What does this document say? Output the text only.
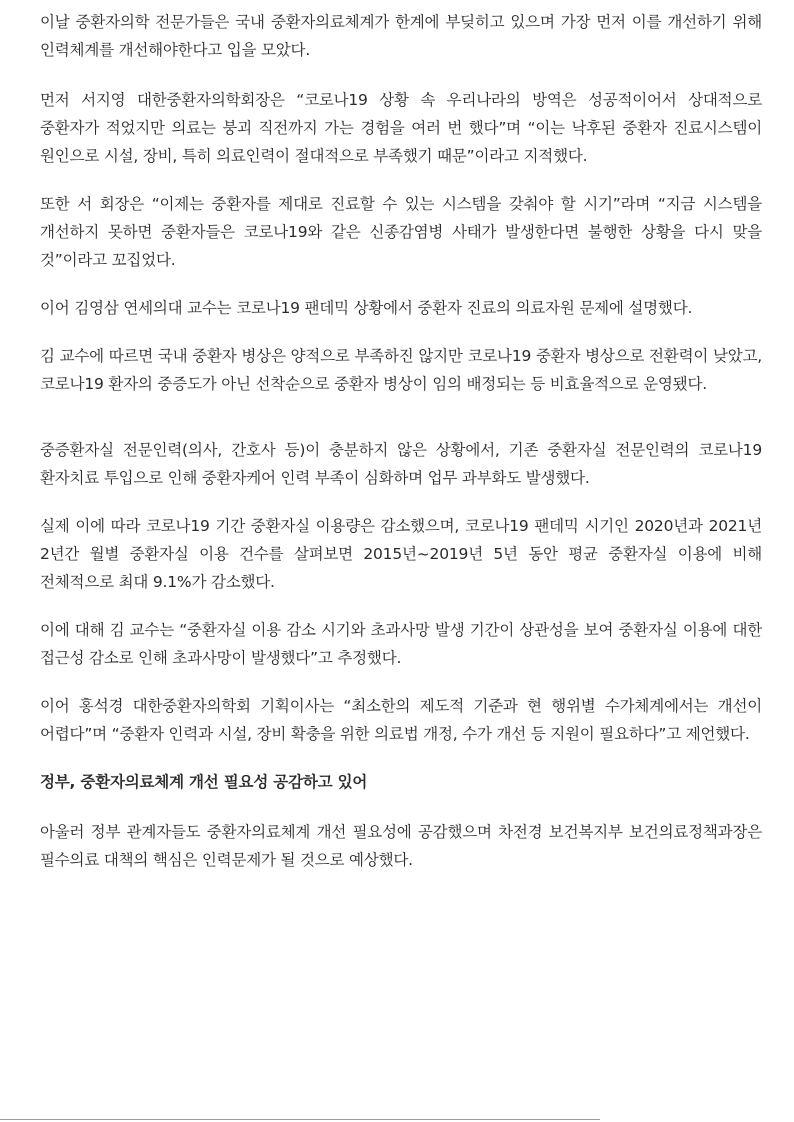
이날 중환자의학 전문가들은 국내 중환자의료체계가 한계에 부딪히고 있으며 가장 먼저 이를 개선하기 위해 인력체계를 개선해야한다고 입을 모았다.

먼저 서지영 대한중환자의학회장은 “코로나19 상황 속 우리나라의 방역은 성공적이어서 상대적으로 중환자가 적었지만 의료는 붕괴 직전까지 가는 경험을 여러 번 했다”며 “이는 낙후된 중환자 진료시스템이 원인으로 시설, 장비, 특히 의료인력이 절대적으로 부족했기 때문”이라고 지적했다.

또한 서 회장은 “이제는 중환자를 제대로 진료할 수 있는 시스템을 갖춰야 할 시기”라며 “지금 시스템을 개선하지 못하면 중환자들은 코로나19와 같은 신종감염병 사태가 발생한다면 불행한 상황을 다시 맞을 것”이라고 꼬집었다.

이어 김영삼 연세의대 교수는 코로나19 팬데믹 상황에서 중환자 진료의 의료자원 문제에 설명했다.

김 교수에 따르면 국내 중환자 병상은 양적으로 부족하진 않지만 코로나19 중환자 병상으로 전환력이 낮았고, 코로나19 환자의 중증도가 아닌 선착순으로 중환자 병상이 임의 배정되는 등 비효율적으로 운영됐다.

중증환자실 전문인력(의사, 간호사 등)이 충분하지 않은 상황에서, 기존 중환자실 전문인력의 코로나19 환자치료 투입으로 인해 중환자케어 인력 부족이 심화하며 업무 과부화도 발생했다.

실제 이에 따라 코로나19 기간 중환자실 이용량은 감소했으며, 코로나19 팬데믹 시기인 2020년과 2021년 2년간 월별 중환자실 이용 건수를 살펴보면 2015년~2019년 5년 동안 평균 중환자실 이용에 비해 전체적으로 최대 9.1%가 감소했다.

이에 대해 김 교수는 “중환자실 이용 감소 시기와 초과사망 발생 기간이 상관성을 보여 중환자실 이용에 대한 접근성 감소로 인해 초과사망이 발생했다”고 추정했다.

이어 홍석경 대한중환자의학회 기획이사는 “최소한의 제도적 기준과 현 행위별 수가체계에서는 개선이 어렵다”며 “중환자 인력과 시설, 장비 확충을 위한 의료법 개정, 수가 개선 등 지원이 필요하다”고 제언했다.

정부, 중환자의료체계 개선 필요성 공감하고 있어

아울러 정부 관계자들도 중환자의료체계 개선 필요성에 공감했으며 차전경 보건복지부 보건의료정책과장은 필수의료 대책의 핵심은 인력문제가 될 것으로 예상했다.
